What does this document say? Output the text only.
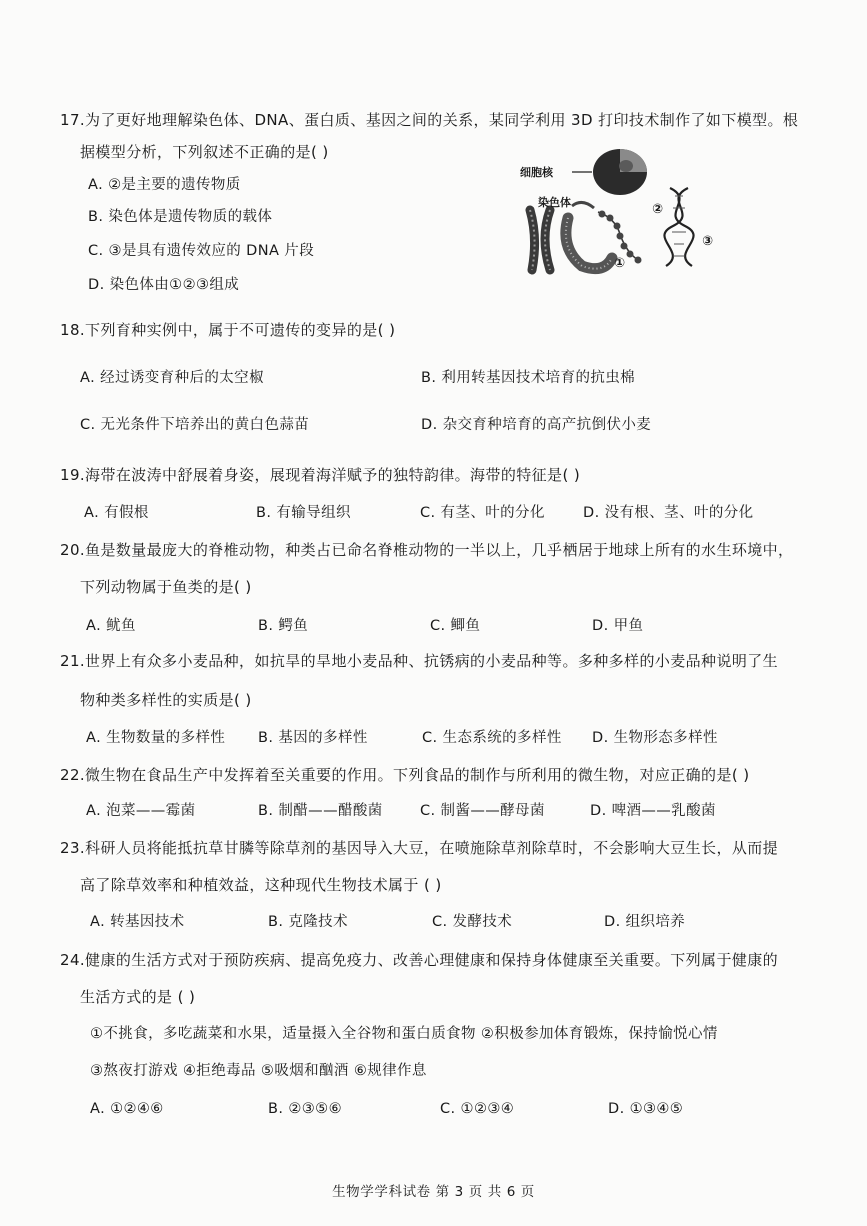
17.为了更好地理解染色体、DNA、蛋白质、基因之间的关系，某同学利用 3D 打印技术制作了如下模型。根
据模型分析，下列叙述不正确的是( )
A. ②是主要的遗传物质
B. 染色体是遗传物质的载体
C. ③是具有遗传效应的 DNA 片段
D. 染色体由①②③组成
细胞核
染色体	②
③
①
18.下列育种实例中，属于不可遗传的变异的是( )
A. 经过诱变育种后的太空椒	B. 利用转基因技术培育的抗虫棉
C. 无光条件下培养出的黄白色蒜苗	D. 杂交育种培育的高产抗倒伏小麦
19.海带在波涛中舒展着身姿，展现着海洋赋予的独特韵律。海带的特征是( )
A. 有假根	B. 有输导组织	C. 有茎、叶的分化	D. 没有根、茎、叶的分化
20.鱼是数量最庞大的脊椎动物，种类占已命名脊椎动物的一半以上，几乎栖居于地球上所有的水生环境中，
下列动物属于鱼类的是( )
A. 鱿鱼	B. 鳄鱼	C. 鲫鱼	D. 甲鱼
21.世界上有众多小麦品种，如抗旱的旱地小麦品种、抗锈病的小麦品种等。多种多样的小麦品种说明了生
物种类多样性的实质是( )
A. 生物数量的多样性 B. 基因的多样性	C. 生态系统的多样性 D. 生物形态多样性
22.微生物在食品生产中发挥着至关重要的作用。下列食品的制作与所利用的微生物，对应正确的是( )
A. 泡菜——霉菌	B. 制醋——醋酸菌	C. 制酱——酵母菌	D. 啤酒——乳酸菌
23.科研人员将能抵抗草甘膦等除草剂的基因导入大豆，在喷施除草剂除草时，不会影响大豆生长，从而提
高了除草效率和种植效益，这种现代生物技术属于 ( )
A. 转基因技术	B. 克隆技术	C. 发酵技术	D. 组织培养
24.健康的生活方式对于预防疾病、提高免疫力、改善心理健康和保持身体健康至关重要。下列属于健康的
生活方式的是 ( )
①不挑食，多吃蔬菜和水果，适量摄入全谷物和蛋白质食物 ②积极参加体育锻炼，保持愉悦心情
③熬夜打游戏 ④拒绝毒品 ⑤吸烟和酗酒 ⑥规律作息
A. ①②④⑥	B. ②③⑤⑥	C. ①②③④	D. ①③④⑤
生物学学科试卷 第 3 页 共 6 页
